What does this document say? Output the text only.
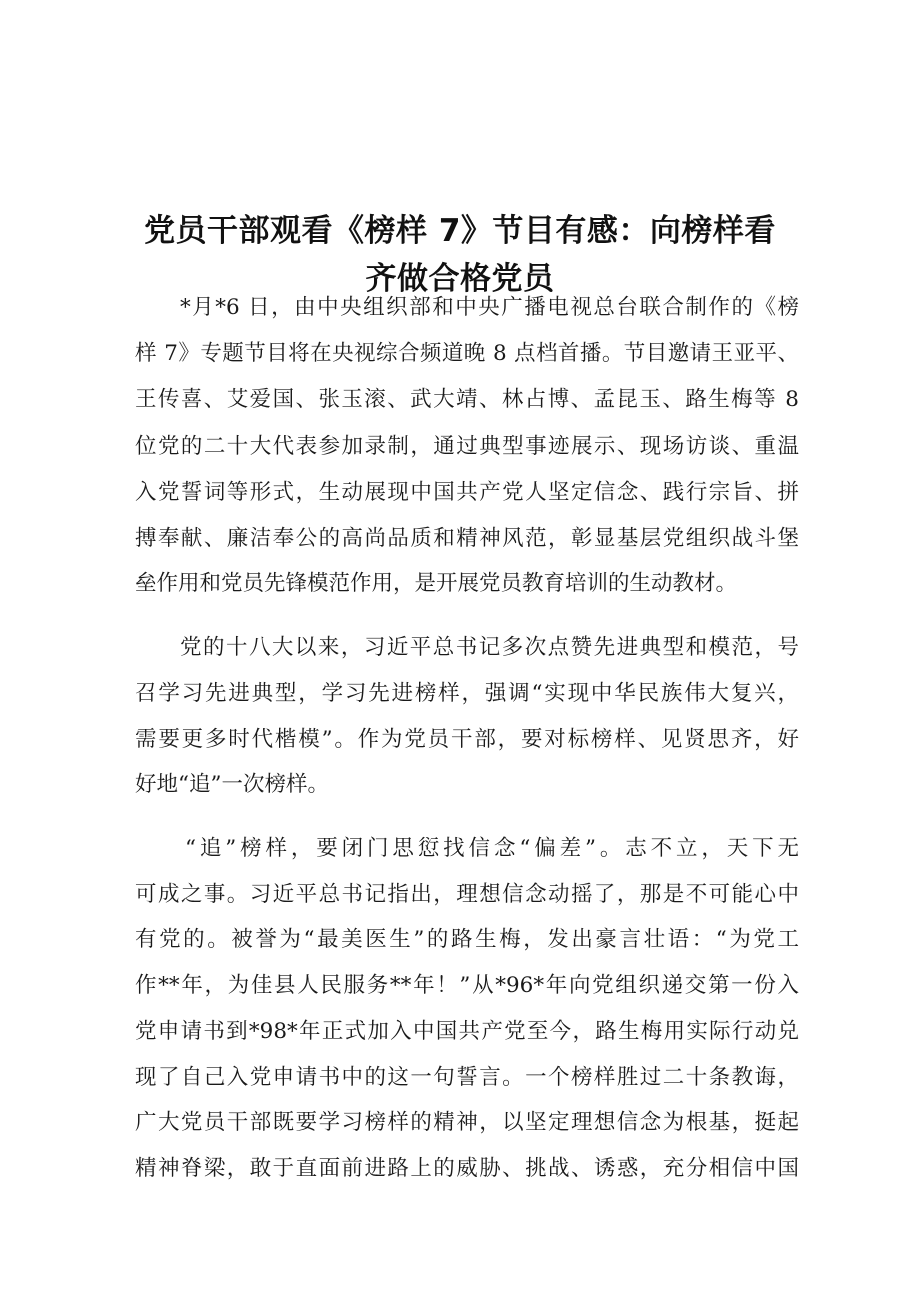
党员干部观看《榜样 7》节目有感：向榜样看
齐做合格党员
*月*6 日，由中央组织部和中央广播电视总台联合制作的《榜
样 7》专题节目将在央视综合频道晚 8 点档首播。节目邀请王亚平、
王传喜、艾爱国、张玉滚、武大靖、林占博、孟昆玉、路生梅等 8
位党的二十大代表参加录制，通过典型事迹展示、现场访谈、重温
入党誓词等形式，生动展现中国共产党人坚定信念、践行宗旨、拼
搏奉献、廉洁奉公的高尚品质和精神风范，彰显基层党组织战斗堡
垒作用和党员先锋模范作用，是开展党员教育培训的生动教材。
党的十八大以来，习近平总书记多次点赞先进典型和模范，号
召学习先进典型，学习先进榜样，强调“实现中华民族伟大复兴，
需要更多时代楷模”。作为党员干部，要对标榜样、见贤思齐，好
好地“追”一次榜样。
“追”榜样，要闭门思愆找信念“偏差”。志不立，天下无
可成之事。习近平总书记指出，理想信念动摇了，那是不可能心中
有党的。被誉为“最美医生”的路生梅，发出豪言壮语：“为党工
作**年，为佳县人民服务**年！”从*96*年向党组织递交第一份入
党申请书到*98*年正式加入中国共产党至今，路生梅用实际行动兑
现了自己入党申请书中的这一句誓言。一个榜样胜过二十条教诲，
广大党员干部既要学习榜样的精神，以坚定理想信念为根基，挺起
精神脊梁，敢于直面前进路上的威胁、挑战、诱惑，充分相信中国
